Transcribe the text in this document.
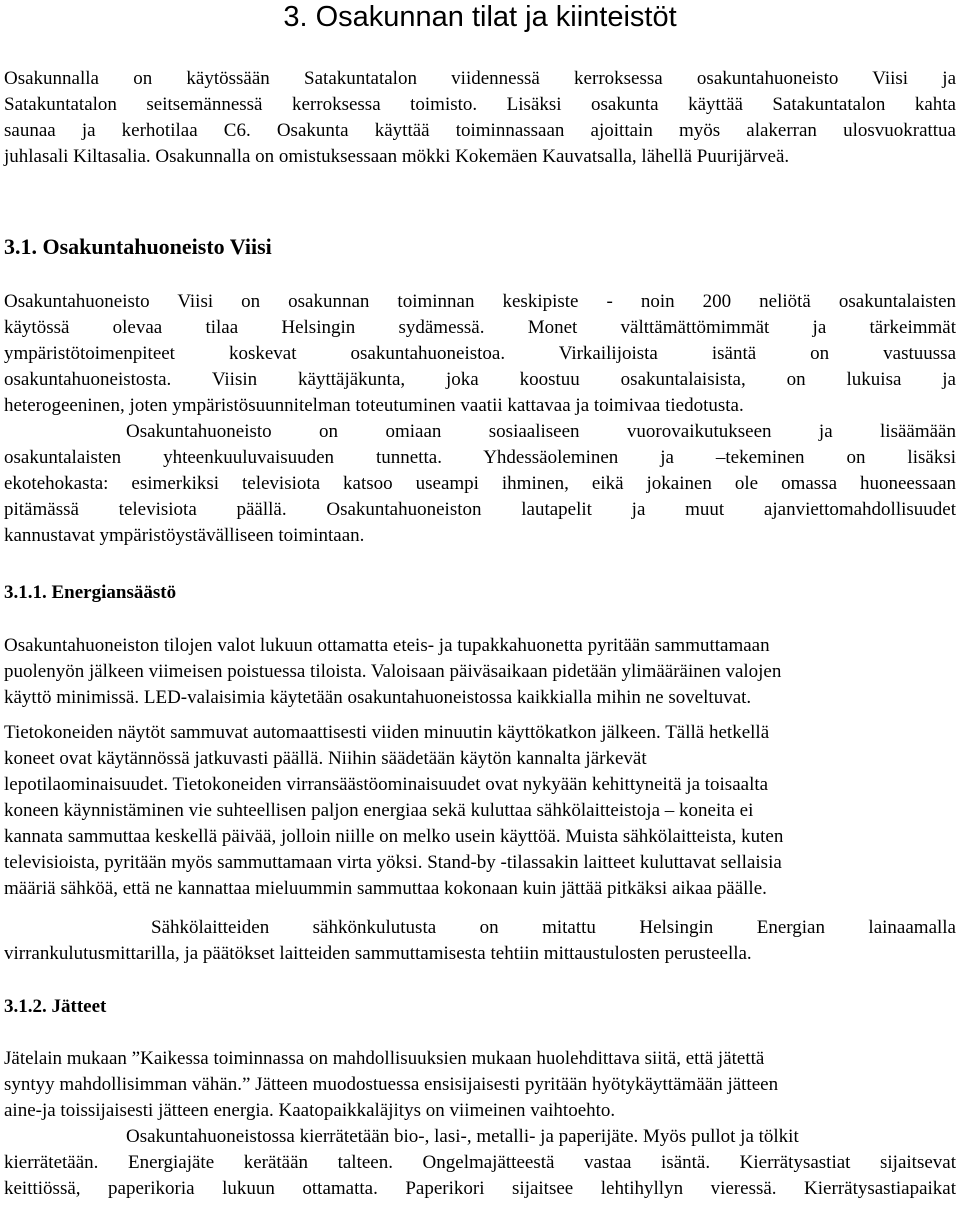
3. Osakunnan tilat ja kiinteistöt
Osakunnalla on käytössään Satakuntatalon viidennessä kerroksessa osakuntahuoneisto Viisi ja
Satakuntatalon seitsemännessä kerroksessa toimisto. Lisäksi osakunta käyttää Satakuntatalon kahta
saunaa ja kerhotilaa C6. Osakunta käyttää toiminnassaan ajoittain myös alakerran ulosvuokrattua
juhlasali Kiltasalia. Osakunnalla on omistuksessaan mökki Kokemäen Kauvatsalla, lähellä Puurijärveä.
3.1. Osakuntahuoneisto Viisi
Osakuntahuoneisto Viisi on osakunnan toiminnan keskipiste - noin 200 neliötä osakuntalaisten
käytössä olevaa tilaa Helsingin sydämessä. Monet välttämättömimmät ja tärkeimmät
ympäristötoimenpiteet koskevat osakuntahuoneistoa. Virkailijoista isäntä on vastuussa
osakuntahuoneistosta. Viisin käyttäjäkunta, joka koostuu osakuntalaisista, on lukuisa ja
heterogeeninen, joten ympäristösuunnitelman toteutuminen vaatii kattavaa ja toimivaa tiedotusta.
Osakuntahuoneisto on omiaan sosiaaliseen vuorovaikutukseen ja lisäämään
osakuntalaisten yhteenkuuluvaisuuden tunnetta. Yhdessäoleminen ja –tekeminen on lisäksi
ekotehokasta: esimerkiksi televisiota katsoo useampi ihminen, eikä jokainen ole omassa huoneessaan
pitämässä televisiota päällä. Osakuntahuoneiston lautapelit ja muut ajanviettomahdollisuudet
kannustavat ympäristöystävälliseen toimintaan.
3.1.1. Energiansäästö
Osakuntahuoneiston tilojen valot lukuun ottamatta eteis- ja tupakkahuonetta pyritään sammuttamaan
puolenyön jälkeen viimeisen poistuessa tiloista. Valoisaan päiväsaikaan pidetään ylimääräinen valojen
käyttö minimissä. LED-valaisimia käytetään osakuntahuoneistossa kaikkialla mihin ne soveltuvat.
Tietokoneiden näytöt sammuvat automaattisesti viiden minuutin käyttökatkon jälkeen. Tällä hetkellä
koneet ovat käytännössä jatkuvasti päällä. Niihin säädetään käytön kannalta järkevät
lepotilaominaisuudet. Tietokoneiden virransäästöominaisuudet ovat nykyään kehittyneitä ja toisaalta
koneen käynnistäminen vie suhteellisen paljon energiaa sekä kuluttaa sähkölaitteistoja – koneita ei
kannata sammuttaa keskellä päivää, jolloin niille on melko usein käyttöä. Muista sähkölaitteista, kuten
televisioista, pyritään myös sammuttamaan virta yöksi. Stand-by -tilassakin laitteet kuluttavat sellaisia
määriä sähköä, että ne kannattaa mieluummin sammuttaa kokonaan kuin jättää pitkäksi aikaa päälle.
Sähkölaitteiden sähkönkulutusta on mitattu Helsingin Energian lainaamalla
virrankulutusmittarilla, ja päätökset laitteiden sammuttamisesta tehtiin mittaustulosten perusteella.
3.1.2. Jätteet
Jätelain mukaan ”Kaikessa toiminnassa on mahdollisuuksien mukaan huolehdittava siitä, että jätettä
syntyy mahdollisimman vähän.” Jätteen muodostuessa ensisijaisesti pyritään hyötykäyttämään jätteen
aine-ja toissijaisesti jätteen energia. Kaatopaikkaläjitys on viimeinen vaihtoehto.
Osakuntahuoneistossa kierrätetään bio-, lasi-, metalli- ja paperijäte. Myös pullot ja tölkit
kierrätetään. Energiajäte kerätään talteen. Ongelmajätteestä vastaa isäntä. Kierrätysastiat sijaitsevat
keittiössä, paperikoria lukuun ottamatta. Paperikori sijaitsee lehtihyllyn vieressä. Kierrätysastiapaikat
